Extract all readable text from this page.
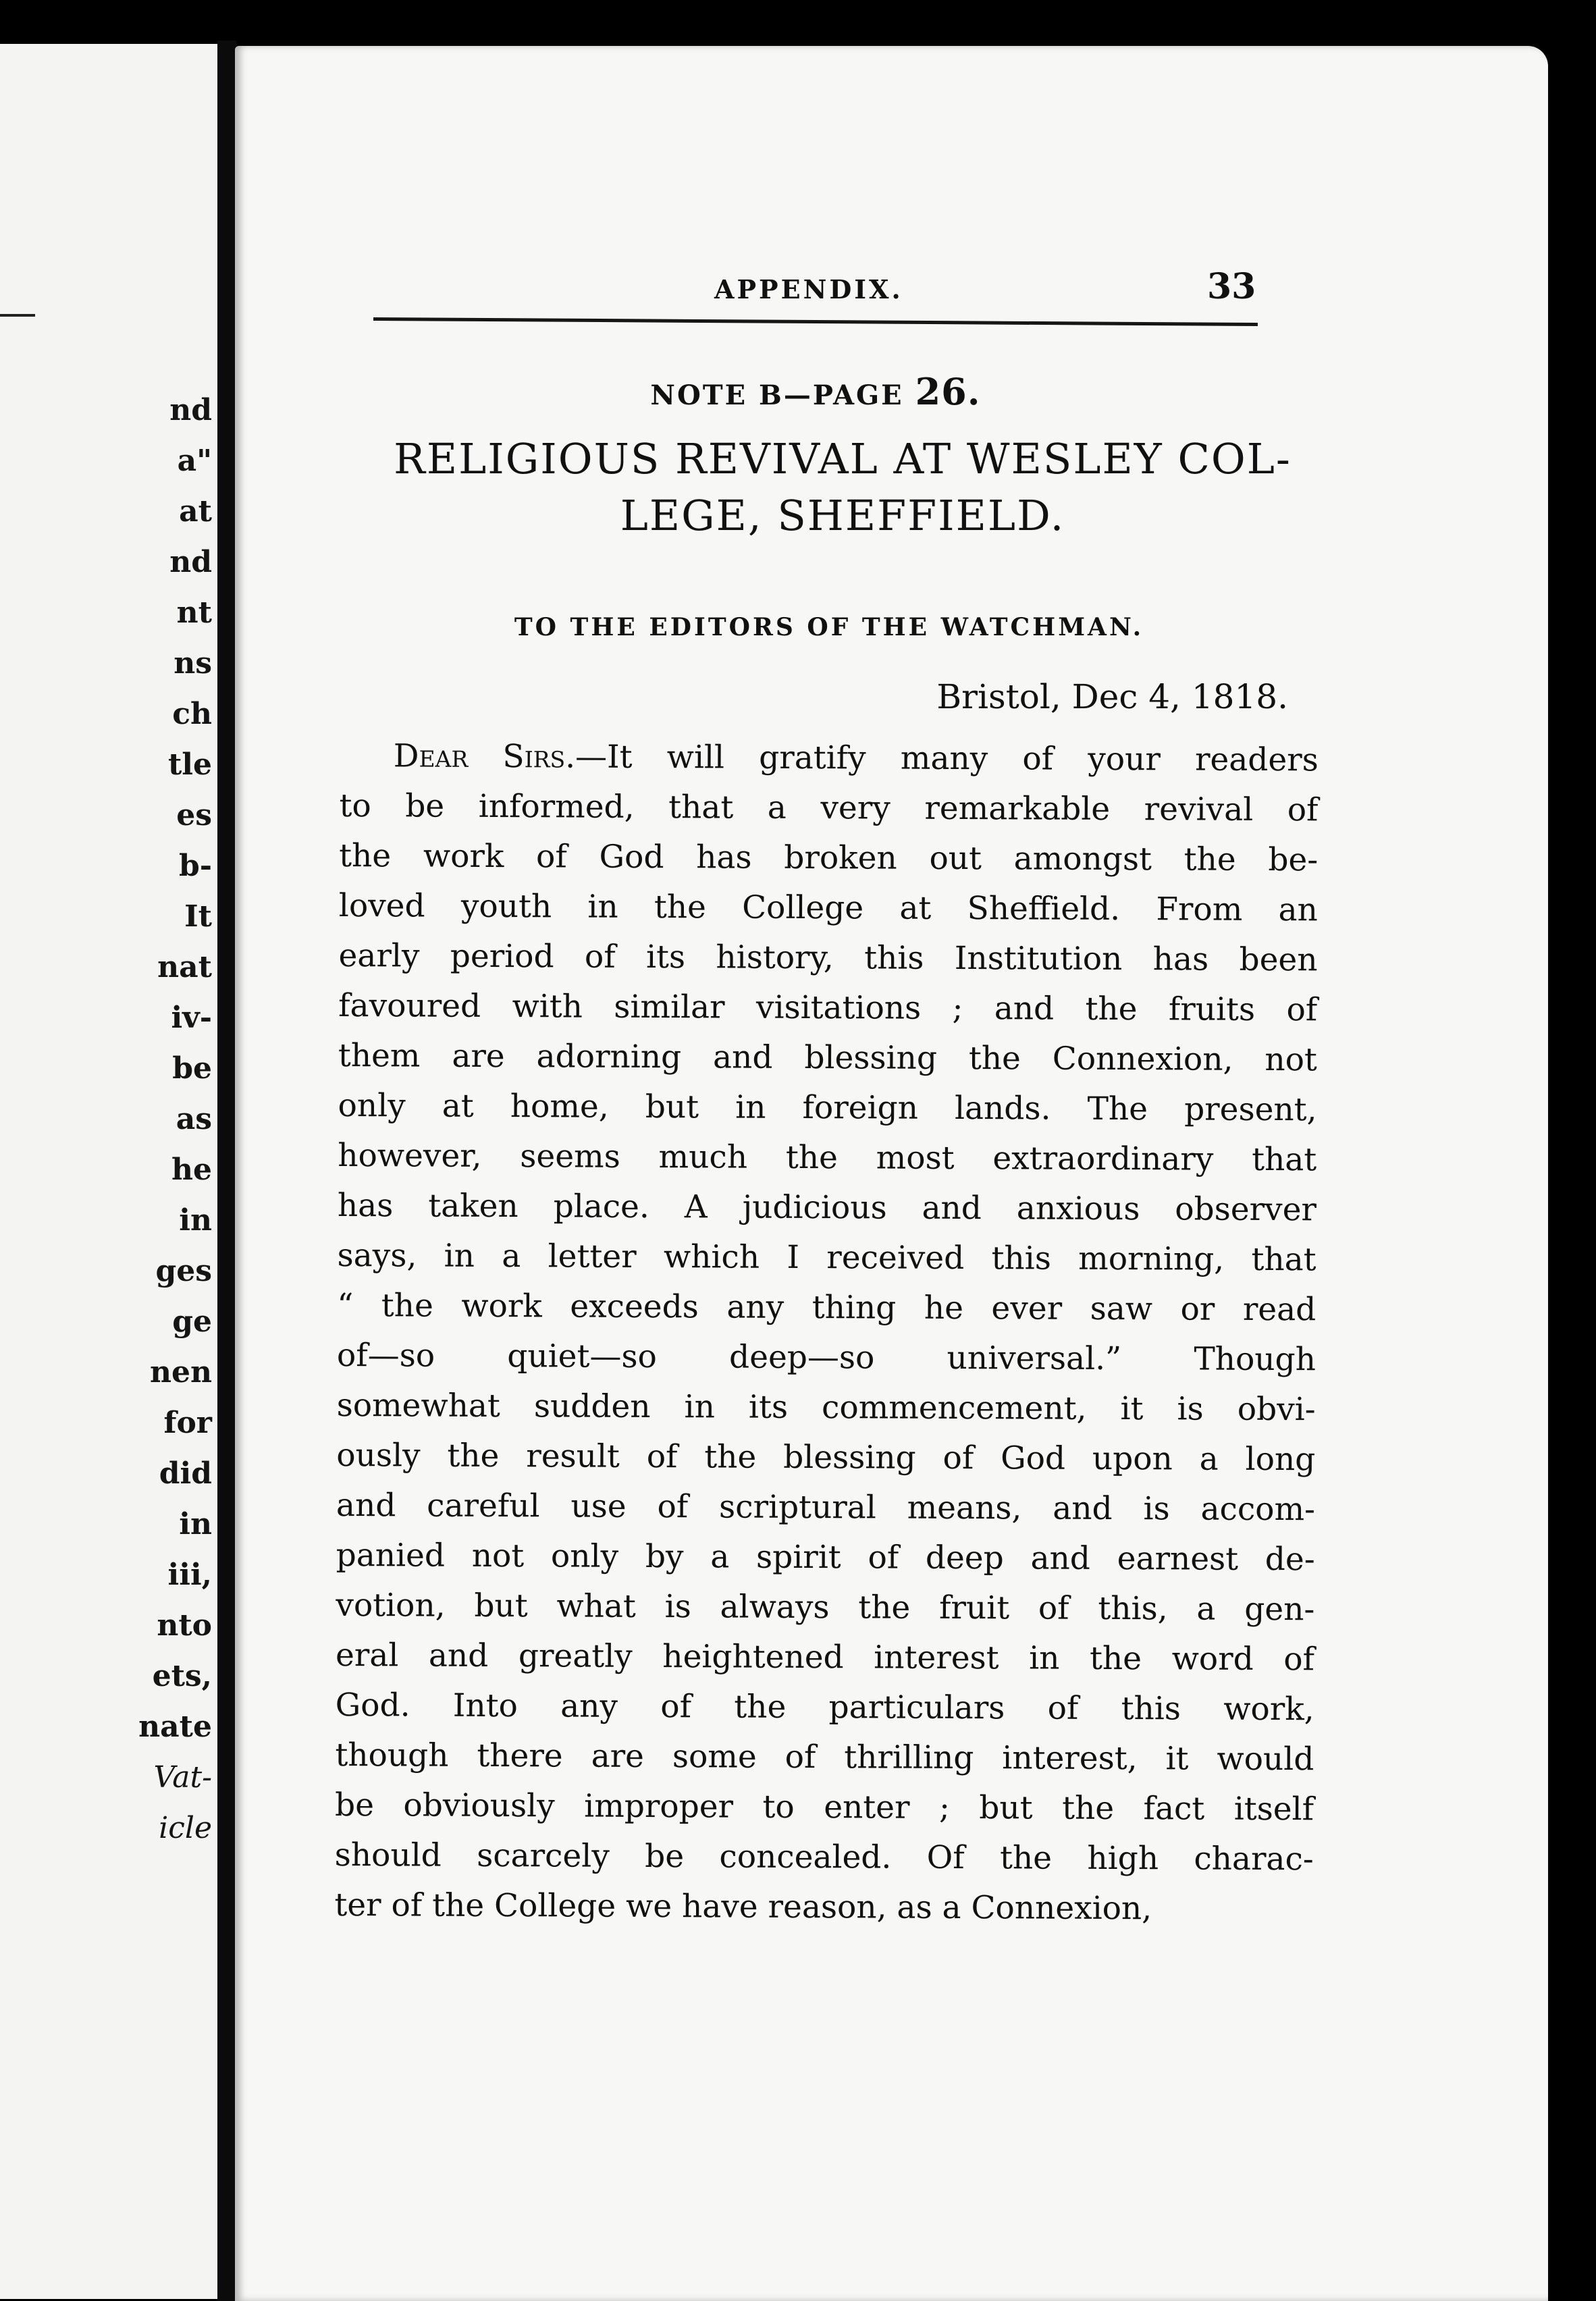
nd
a"
at
nd
nt
ns
ch
tle
es
b-
It
nat
iv-
be
as
he
in
ges
ge
nen
for
did
in
iii,
nto
ets,
nate
Vat-
icle
APPENDIX.	33
NOTE B—PAGE 26.
RELIGIOUS REVIVAL AT WESLEY COL-
LEGE, SHEFFIELD.
TO THE EDITORS OF THE WATCHMAN.
Bristol, Dec 4, 1818.
Dear Sirs.—It will gratify many of your readers
to be informed, that a very remarkable revival of
the work of God has broken out amongst the be-
loved youth in the College at Sheffield. From an
early period of its history, this Institution has been
favoured with similar visitations ; and the fruits of
them are adorning and blessing the Connexion, not
only at home, but in foreign lands. The present,
however, seems much the most extraordinary that
has taken place. A judicious and anxious observer
says, in a letter which I received this morning, that
“ the work exceeds any thing he ever saw or read
of—so quiet—so deep—so universal.” Though
somewhat sudden in its commencement, it is obvi-
ously the result of the blessing of God upon a long
and careful use of scriptural means, and is accom-
panied not only by a spirit of deep and earnest de-
votion, but what is always the fruit of this, a gen-
eral and greatly heightened interest in the word of
God. Into any of the particulars of this work,
though there are some of thrilling interest, it would
be obviously improper to enter ; but the fact itself
should scarcely be concealed. Of the high charac-
ter of the College we have reason, as a Connexion,
